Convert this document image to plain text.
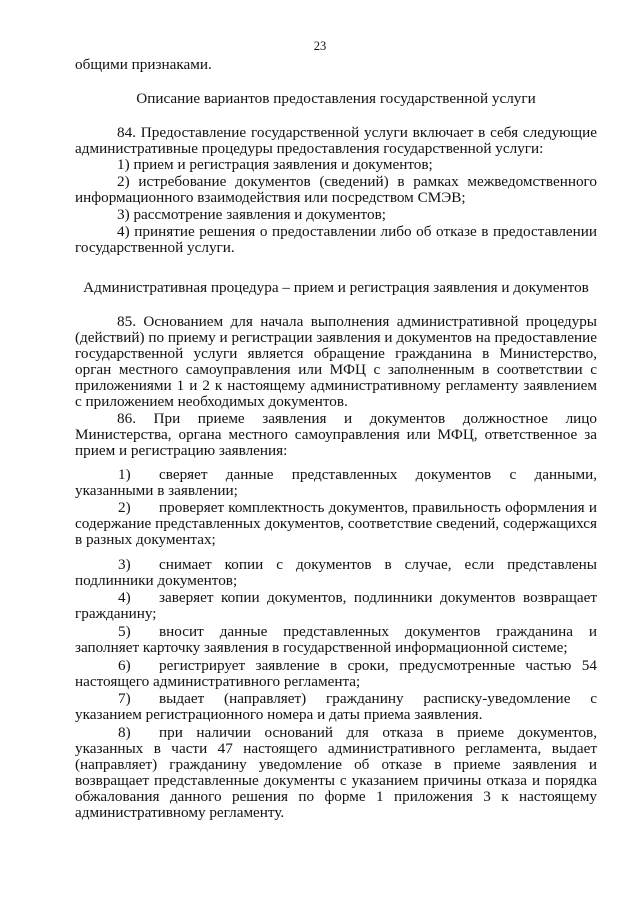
23

общими признаками.

Описание вариантов предоставления государственной услуги

84. Предоставление государственной услуги включает в себя следующие административные процедуры предоставления государственной услуги:

1) прием и регистрация заявления и документов;

2) истребование документов (сведений) в рамках межведомственного информационного взаимодействия или посредством СМЭВ;

3) рассмотрение заявления и документов;

4) принятие решения о предоставлении либо об отказе в предоставлении государственной услуги.

Административная процедура – прием и регистрация заявления и документов

85. Основанием для начала выполнения административной процедуры (действий) по приему и регистрации заявления и документов на предоставление государственной услуги является обращение гражданина в Министерство, орган местного самоуправления или МФЦ с заполненным в соответствии с приложениями 1 и 2 к настоящему административному регламенту заявлением с приложением необходимых документов.

86. При приеме заявления и документов должностное лицо Министерства, органа местного самоуправления или МФЦ, ответственное за прием и регистрацию заявления:

1)	сверяет данные представленных документов с данными, указанными в заявлении;
2)	проверяет комплектность документов, правильность оформления и содержание представленных документов, соответствие сведений, содержащихся в разных документах;
3)	снимает копии с документов в случае, если представлены подлинники документов;
4)	заверяет копии документов, подлинники документов возвращает гражданину;
5)	вносит данные представленных документов гражданина и заполняет карточку заявления в государственной информационной системе;
6)	регистрирует заявление в сроки, предусмотренные частью 54 настоящего административного регламента;
7)	выдает (направляет) гражданину расписку-уведомление с указанием регистрационного номера и даты приема заявления.
8)	при наличии оснований для отказа в приеме документов, указанных в части 47 настоящего административного регламента, выдает (направляет) гражданину уведомление об отказе в приеме заявления и возвращает представленные документы с указанием причины отказа и порядка обжалования данного решения по форме 1 приложения 3 к настоящему административному регламенту.
